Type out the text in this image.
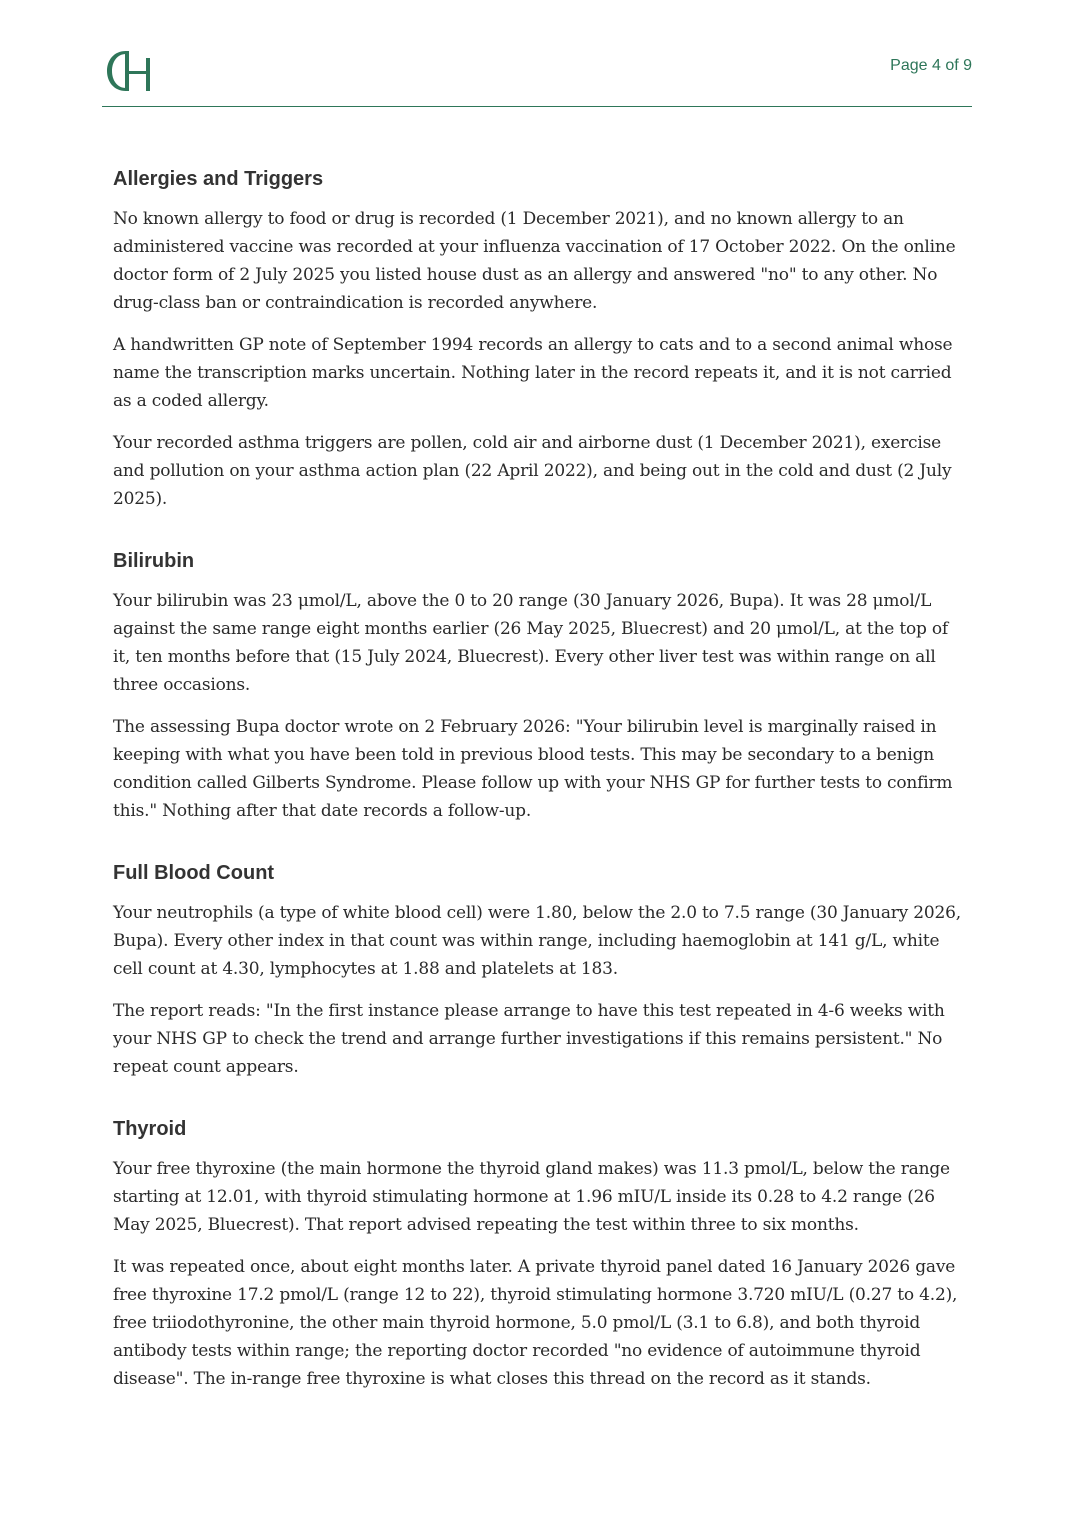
Page 4 of 9
Allergies and Triggers

No known allergy to food or drug is recorded (1 December 2021), and no known allergy to an administered vaccine was recorded at your influenza vaccination of 17 October 2022. On the online doctor form of 2 July 2025 you listed house dust as an allergy and answered "no" to any other. No drug-class ban or contraindication is recorded anywhere.

A handwritten GP note of September 1994 records an allergy to cats and to a second animal whose name the transcription marks uncertain. Nothing later in the record repeats it, and it is not carried as a coded allergy.

Your recorded asthma triggers are pollen, cold air and airborne dust (1 December 2021), exercise and pollution on your asthma action plan (22 April 2022), and being out in the cold and dust (2 July 2025).

Bilirubin

Your bilirubin was 23 μmol/L, above the 0 to 20 range (30 January 2026, Bupa). It was 28 μmol/L against the same range eight months earlier (26 May 2025, Bluecrest) and 20 μmol/L, at the top of it, ten months before that (15 July 2024, Bluecrest). Every other liver test was within range on all three occasions.

The assessing Bupa doctor wrote on 2 February 2026: "Your bilirubin level is marginally raised in keeping with what you have been told in previous blood tests. This may be secondary to a benign condition called Gilberts Syndrome. Please follow up with your NHS GP for further tests to confirm this." Nothing after that date records a follow-up.

Full Blood Count

Your neutrophils (a type of white blood cell) were 1.80, below the 2.0 to 7.5 range (30 January 2026, Bupa). Every other index in that count was within range, including haemoglobin at 141 g/L, white cell count at 4.30, lymphocytes at 1.88 and platelets at 183.

The report reads: "In the first instance please arrange to have this test repeated in 4-6 weeks with your NHS GP to check the trend and arrange further investigations if this remains persistent." No repeat count appears.

Thyroid

Your free thyroxine (the main hormone the thyroid gland makes) was 11.3 pmol/L, below the range starting at 12.01, with thyroid stimulating hormone at 1.96 mIU/L inside its 0.28 to 4.2 range (26 May 2025, Bluecrest). That report advised repeating the test within three to six months.

It was repeated once, about eight months later. A private thyroid panel dated 16 January 2026 gave free thyroxine 17.2 pmol/L (range 12 to 22), thyroid stimulating hormone 3.720 mIU/L (0.27 to 4.2), free triiodothyronine, the other main thyroid hormone, 5.0 pmol/L (3.1 to 6.8), and both thyroid antibody tests within range; the reporting doctor recorded "no evidence of autoimmune thyroid disease". The in-range free thyroxine is what closes this thread on the record as it stands.
